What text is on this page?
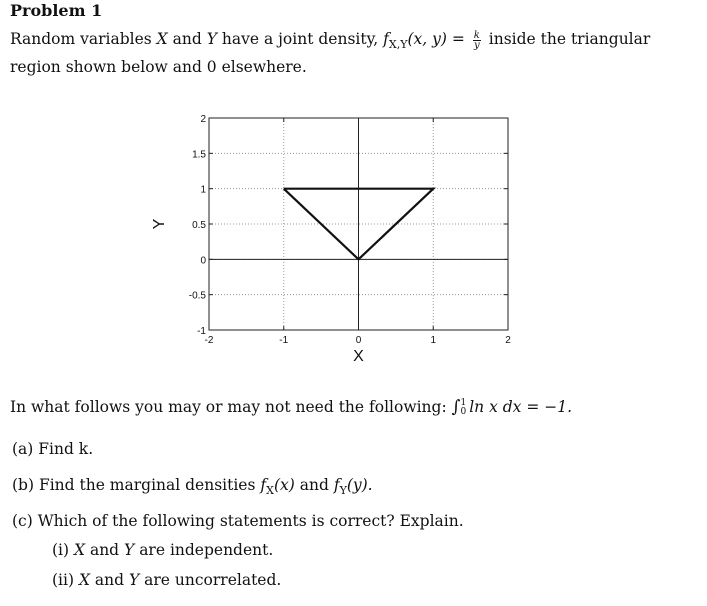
Problem 1
Random variables X and Y have a joint density, $f_{X,Y}(x$, $y) = \frac{k}{y}$ inside the triangular
region shown below and 0 elsewhere.
-2	-1	0	1	2
-1
-0.5
0
0.5
1
1.5
2
X
Y
In what follows you may or may not need the following: ∫ 1
0 ln x dx = −1.
(a) Find k.
(b) Find the marginal densities $f_X(x)$ and $f_Y(y)$.
(c) Which of the following statements is correct? Explain.
(i) X and Y are independent.
(ii) X and Y are uncorrelated.
